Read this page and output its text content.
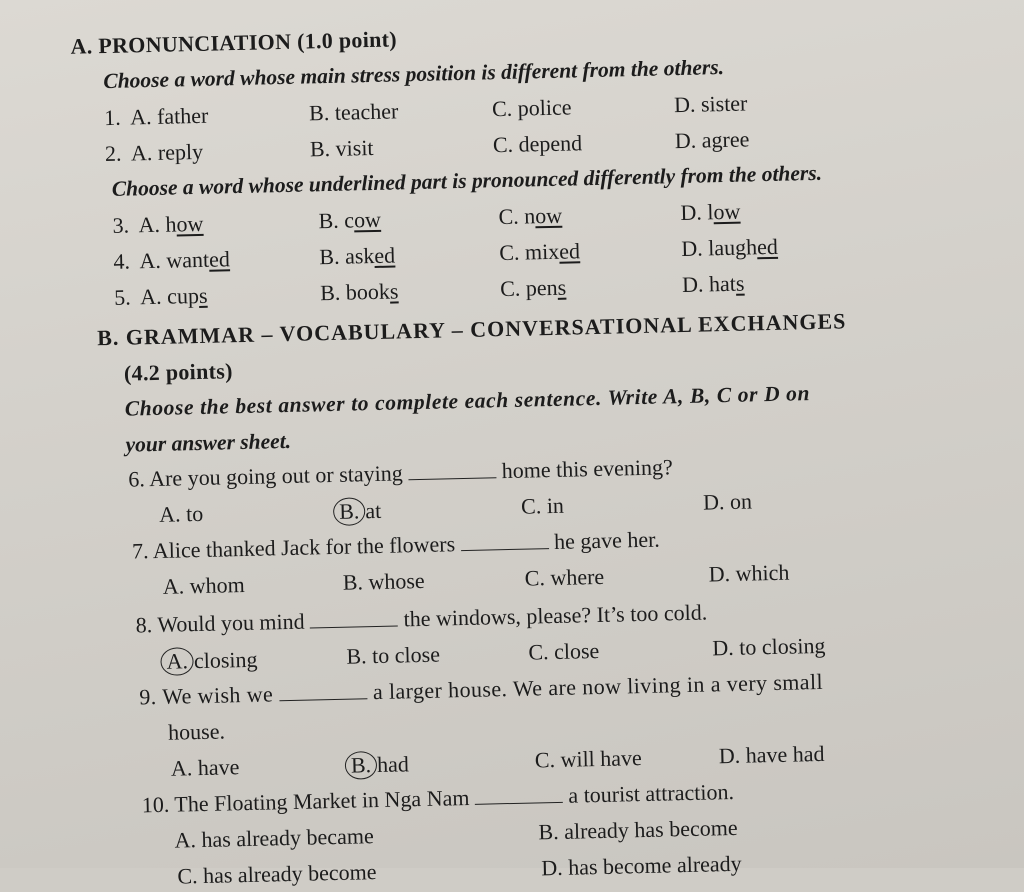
A. PRONUNCIATION (1.0 point)
Choose a word whose main stress position is different from the others.
1. A. father	B. teacher	C. police	D. sister
2. A. reply	B. visit	C. depend	D. agree
Choose a word whose underlined part is pronounced differently from the others.
3. A. how	B. cow	C. now	D. low
4. A. wanted	B. asked	C. mixed	D. laughed
5. A. cups	B. books	C. pens	D. hats
B. GRAMMAR – VOCABULARY – CONVERSATIONAL EXCHANGES
(4.2 points)
Choose the best answer to complete each sentence. Write A, B, C or D on
your answer sheet.
6. Are you going out or staying	home this evening?
A. to	B. at	C. in	D. on
7. Alice thanked Jack for the flowers	he gave her.
A. whom	B. whose	C. where	D. which
8. Would you mind	the windows, please? It’s too cold.
A. closing	B. to close	C. close	D. to closing
9. We wish we	a larger house. We are now living in a very small
house.
A. have	B. had	C. will have	D. have had
10. The Floating Market in Nga Nam	a tourist attraction.
A. has already became	B. already has become
C. has already become	D. has become already
